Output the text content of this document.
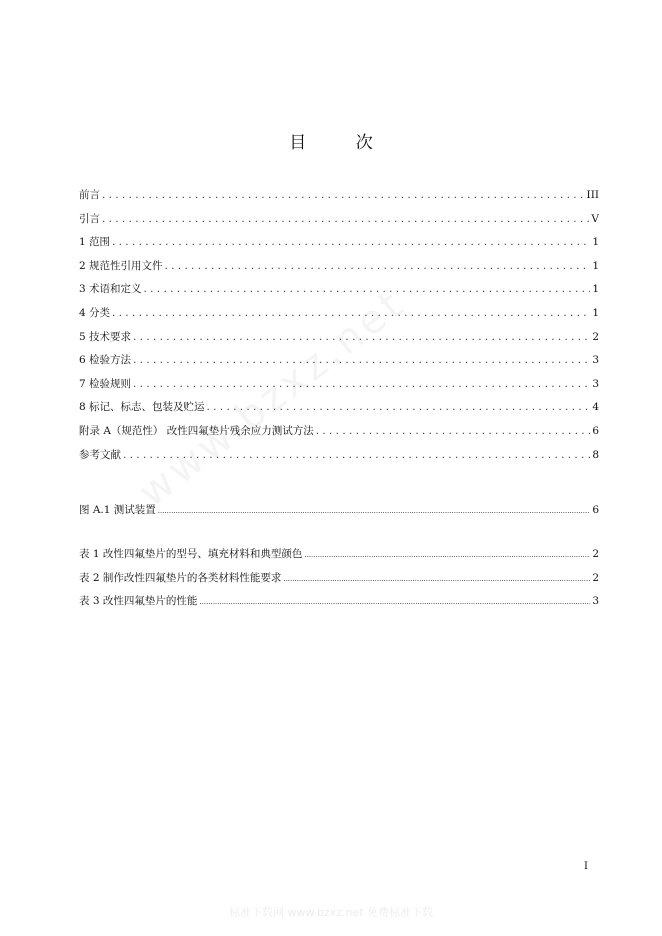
目 次
前言 .....	III
引言 .....	V
1 范围 .....	1
2 规范性引用文件 .....	1
3 术语和定义 .....	1
4 分类 .....	1
5 技术要求 .....	2
6 检验方法 .....	3
7 检验规则 .....	3
8 标记、标志、包装及贮运 .....	4
附录 A（规范性） 改性四氟垫片残余应力测试方法 .....	6
参考文献 .....	8
图 A.1 测试装置 .....	6
表 1 改性四氟垫片的型号、填充材料和典型颜色 .....	2
表 2 制作改性四氟垫片的各类材料性能要求 .....	2
表 3 改性四氟垫片的性能 .....	3
I
标准下载网 www.bzxz.net 免费标准下载
